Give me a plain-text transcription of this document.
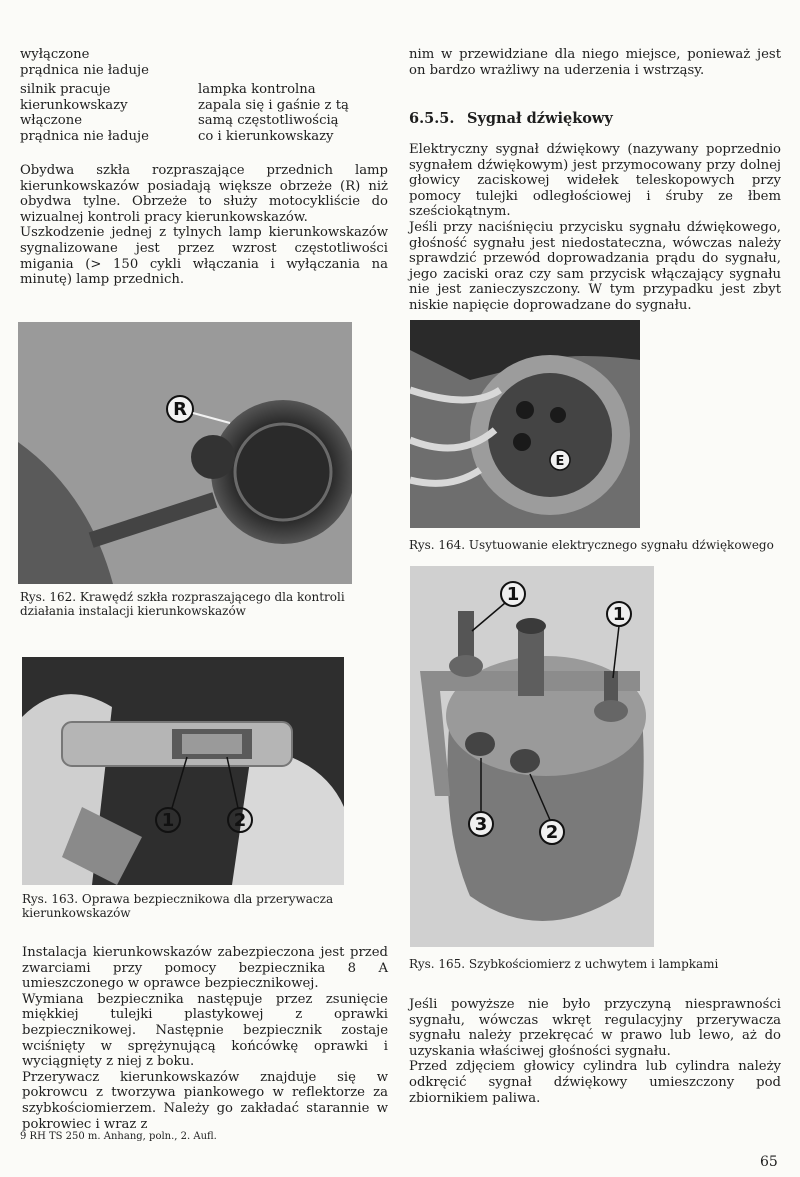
wyłączone
prądnica nie ładuje
silnik pracuje
kierunkowskazy
włączone
prądnica nie ładuje
lampka kontrolna
zapala się i gaśnie z tą
samą częstotliwością
co i kierunkowskazy

Obydwa szkła rozpraszające przednich lamp kierunkowskazów posiadają większe obrzeże (R) niż obydwa tylne. Obrzeże to służy motocykliście do wizualnej kontroli pracy kierunkowskazów.

Uszkodzenie jednej z tylnych lamp kierunkowskazów sygnalizowane jest przez wzrost częstotliwości migania (> 150 cykli włączania i wyłączania na minutę) lamp przednich.

R
Rys. 162. Krawędź szkła rozpraszającego dla kontroli działania instalacji kierunkowskazów
1	2
Rys. 163. Oprawa bezpiecznikowa dla przerywacza kierunkowskazów

Instalacja kierunkowskazów zabezpieczona jest przed zwarciami przy pomocy bezpiecznika 8 A umieszczonego w oprawce bezpiecznikowej.

Wymiana bezpiecznika następuje przez zsunięcie miękkiej tulejki plastykowej z oprawki bezpiecznikowej. Następnie bezpiecznik zostaje wciśnięty w sprężynującą końcówkę oprawki i wyciągnięty z niej z boku.

Przerywacz kierunkowskazów znajduje się w pokrowcu z tworzywa piankowego w reflektorze za szybkościomierzem. Należy go zakładać starannie w pokrowiec i wraz z

nim w przewidziane dla niego miejsce, ponieważ jest on bardzo wrażliwy na uderzenia i wstrząsy.

6.5.5. Sygnał dźwiękowy

Elektryczny sygnał dźwiękowy (nazywany poprzednio sygnałem dźwiękowym) jest przymocowany przy dolnej głowicy zaciskowej widełek teleskopowych przy pomocy tulejki odległościowej i śruby ze łbem sześciokątnym.

Jeśli przy naciśnięciu przycisku sygnału dźwiękowego, głośność sygnału jest niedostateczna, wówczas należy sprawdzić przewód doprowadzania prądu do sygnału, jego zaciski oraz czy sam przycisk włączający sygnału nie jest zanieczyszczony. W tym przypadku jest zbyt niskie napięcie doprowadzane do sygnału.

E
Rys. 164. Usytuowanie elektrycznego sygnału dźwiękowego
1
1
3	2
Rys. 165. Szybkościomierz z uchwytem i lampkami

Jeśli powyższe nie było przyczyną niesprawności sygnału, wówczas wkręt regulacyjny przerywacza sygnału należy przekręcać w prawo lub lewo, aż do uzyskania właściwej głośności sygnału.

Przed zdjęciem głowicy cylindra lub cylindra należy odkręcić sygnał dźwiękowy umieszczony pod zbiornikiem paliwa.

9 RH TS 250 m. Anhang, poln., 2. Aufl.
65
